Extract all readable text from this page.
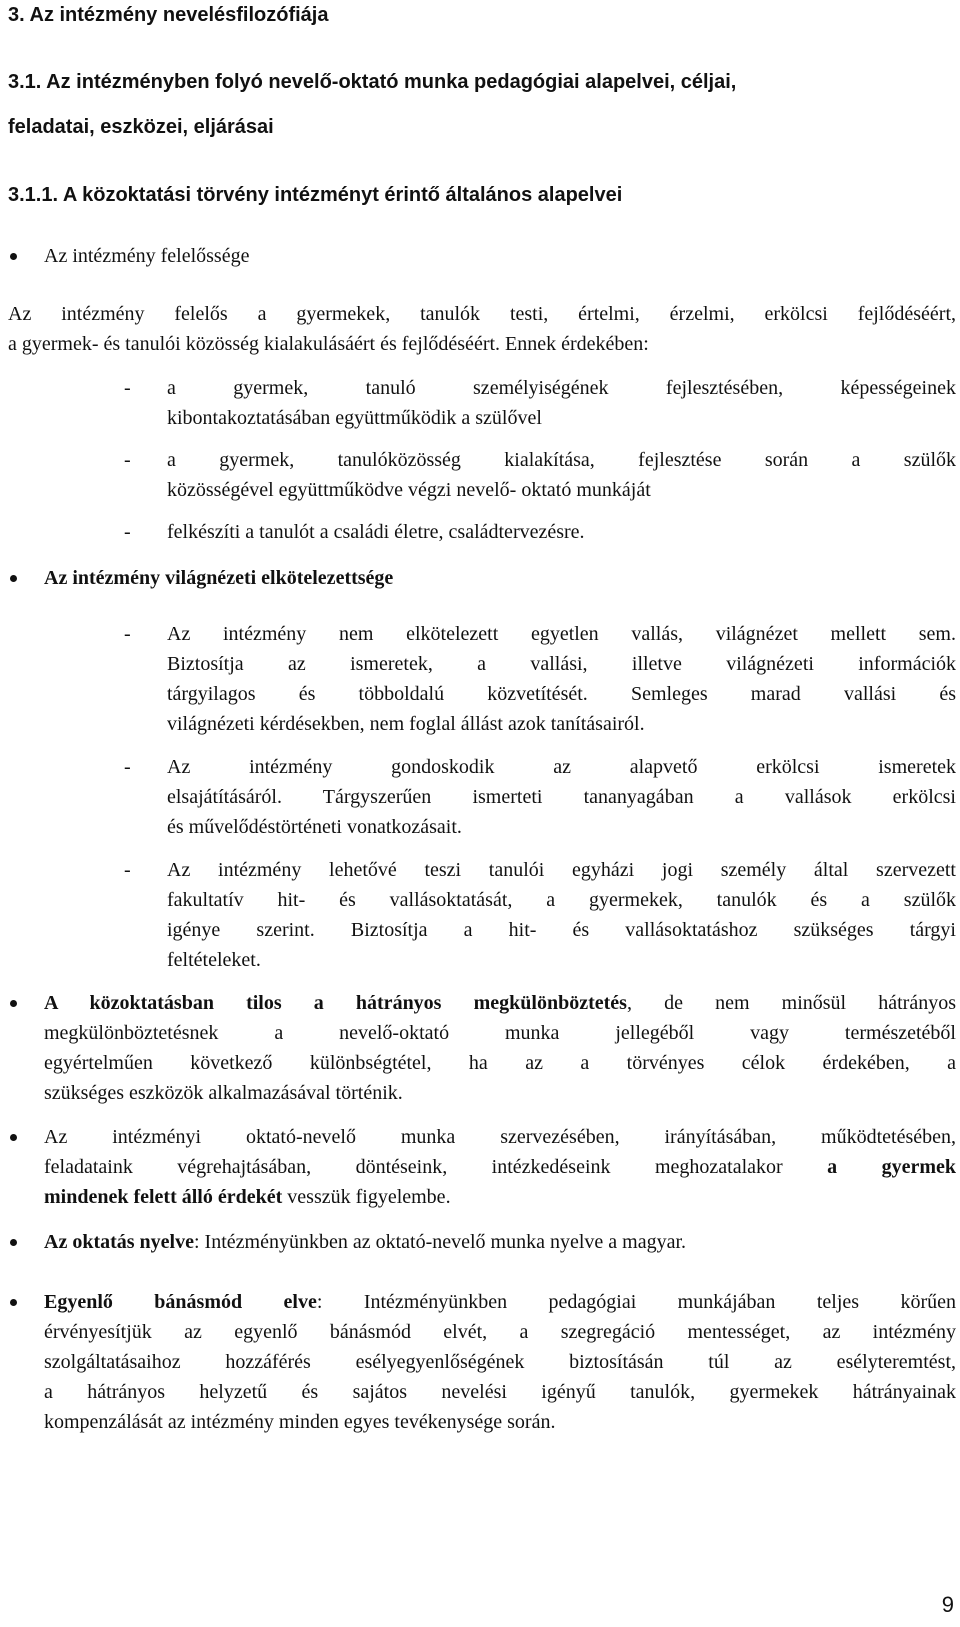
3. Az intézmény nevelésfilozófiája
3.1. Az intézményben folyó nevelő-oktató munka pedagógiai alapelvei, céljai,
feladatai, eszközei, eljárásai
3.1.1. A közoktatási törvény intézményt érintő általános alapelvei
Az intézmény felelőssége
Az intézmény felelős a gyermekek, tanulók testi, értelmi, érzelmi, erkölcsi fejlődéséért,
a gyermek- és tanulói közösség kialakulásáért és fejlődéséért. Ennek érdekében:
- a gyermek, tanuló személyiségének fejlesztésében, képességeinek
kibontakoztatásában együttműködik a szülővel
- a gyermek, tanulóközösség kialakítása, fejlesztése során a szülők
közösségével együttműködve végzi nevelő- oktató munkáját
- felkészíti a tanulót a családi életre, családtervezésre.
Az intézmény világnézeti elkötelezettsége
- Az intézmény nem elkötelezett egyetlen vallás, világnézet mellett sem.
Biztosítja az ismeretek, a vallási, illetve világnézeti információk
tárgyilagos és többoldalú közvetítését. Semleges marad vallási és
világnézeti kérdésekben, nem foglal állást azok tanításairól.
- Az intézmény gondoskodik az alapvető erkölcsi ismeretek
elsajátításáról. Tárgyszerűen ismerteti tananyagában a vallások erkölcsi
és művelődéstörténeti vonatkozásait.
- Az intézmény lehetővé teszi tanulói egyházi jogi személy által szervezett
fakultatív hit- és vallásoktatását, a gyermekek, tanulók és a szülők
igénye szerint. Biztosítja a hit- és vallásoktatáshoz szükséges tárgyi
feltételeket.
A közoktatásban tilos a hátrányos megkülönböztetés, de nem minősül hátrányos
megkülönböztetésnek a nevelő-oktató munka jellegéből vagy természetéből
egyértelműen következő különbségtétel, ha az a törvényes célok érdekében, a
szükséges eszközök alkalmazásával történik.
Az intézményi oktató-nevelő munka szervezésében, irányításában, működtetésében,
feladataink végrehajtásában, döntéseink, intézkedéseink meghozatalakor a gyermek
mindenek felett álló érdekét vesszük figyelembe.
Az oktatás nyelve: Intézményünkben az oktató-nevelő munka nyelve a magyar.
Egyenlő bánásmód elve: Intézményünkben pedagógiai munkájában teljes körűen
érvényesítjük az egyenlő bánásmód elvét, a szegregáció mentességet, az intézmény
szolgáltatásaihoz hozzáférés esélyegyenlőségének biztosításán túl az esélyteremtést,
a hátrányos helyzetű és sajátos nevelési igényű tanulók, gyermekek hátrányainak
kompenzálását az intézmény minden egyes tevékenysége során.
9
